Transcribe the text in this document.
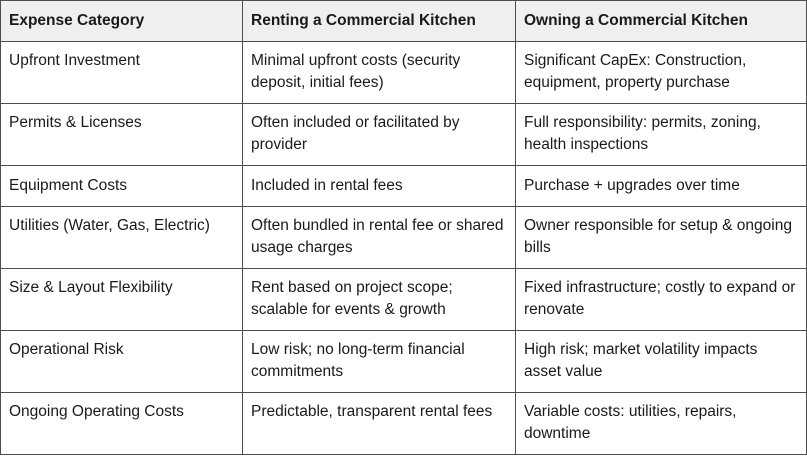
Expense Category	Renting a Commercial Kitchen	Owning a Commercial Kitchen
Upfront Investment	Minimal upfront costs (security deposit, initial fees)	Significant CapEx: Construction, equipment, property purchase
Permits & Licenses	Often included or facilitated by provider	Full responsibility: permits, zoning, health inspections
Equipment Costs	Included in rental fees	Purchase + upgrades over time
Utilities (Water, Gas, Electric)	Often bundled in rental fee or shared usage charges	Owner responsible for setup & ongoing bills
Size & Layout Flexibility	Rent based on project scope; scalable for events & growth	Fixed infrastructure; costly to expand or renovate
Operational Risk	Low risk; no long-term financial commitments	High risk; market volatility impacts asset value
Ongoing Operating Costs	Predictable, transparent rental fees	Variable costs: utilities, repairs, downtime
